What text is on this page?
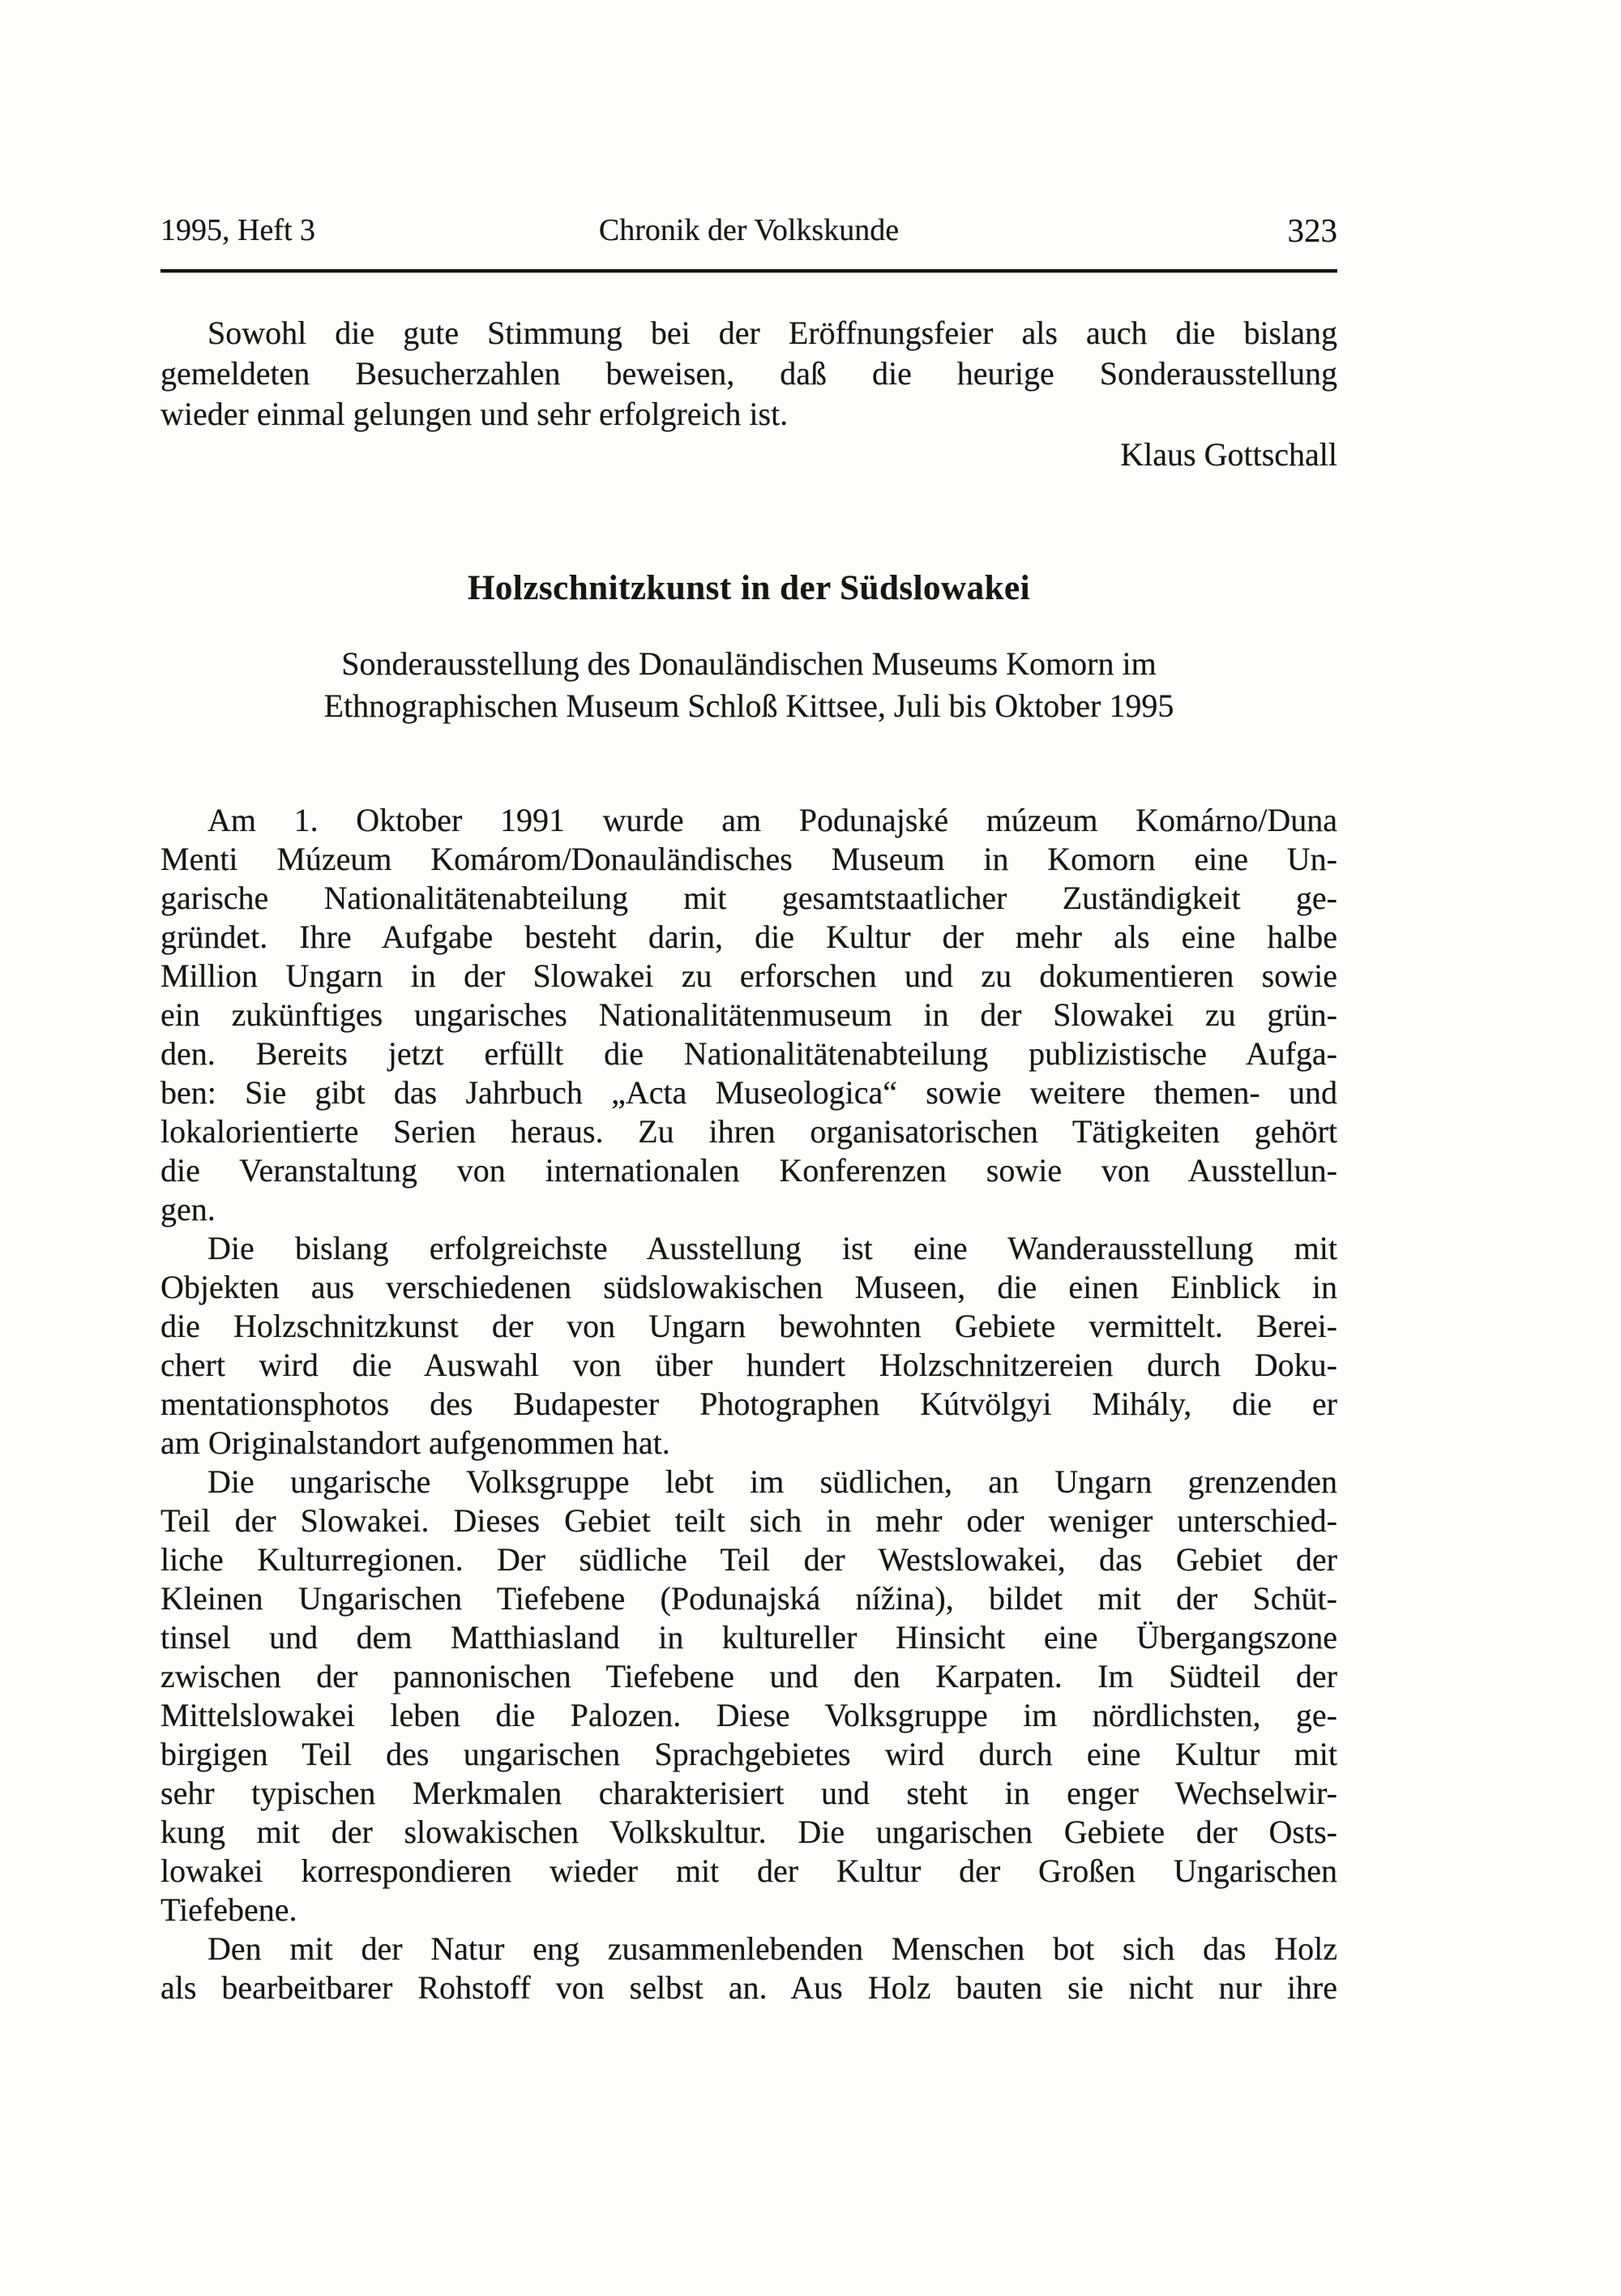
1995, Heft 3	Chronik der Volkskunde	323
Sowohl die gute Stimmung bei der Eröffnungsfeier als auch die bislang
gemeldeten Besucherzahlen beweisen, daß die heurige Sonderausstellung
wieder einmal gelungen und sehr erfolgreich ist.
Klaus Gottschall
Holzschnitzkunst in der Südslowakei
Sonderausstellung des Donauländischen Museums Komorn im
Ethnographischen Museum Schloß Kittsee, Juli bis Oktober 1995
Am 1. Oktober 1991 wurde am Podunajské múzeum Komárno/Duna
Menti Múzeum Komárom/Donauländisches Museum in Komorn eine Un-
garische Nationalitätenabteilung mit gesamtstaatlicher Zuständigkeit ge-
gründet. Ihre Aufgabe besteht darin, die Kultur der mehr als eine halbe
Million Ungarn in der Slowakei zu erforschen und zu dokumentieren sowie
ein zukünftiges ungarisches Nationalitätenmuseum in der Slowakei zu grün-
den. Bereits jetzt erfüllt die Nationalitätenabteilung publizistische Aufga-
ben: Sie gibt das Jahrbuch „Acta Museologica“ sowie weitere themen- und
lokalorientierte Serien heraus. Zu ihren organisatorischen Tätigkeiten gehört
die Veranstaltung von internationalen Konferenzen sowie von Ausstellun-
gen.
Die bislang erfolgreichste Ausstellung ist eine Wanderausstellung mit
Objekten aus verschiedenen südslowakischen Museen, die einen Einblick in
die Holzschnitzkunst der von Ungarn bewohnten Gebiete vermittelt. Berei-
chert wird die Auswahl von über hundert Holzschnitzereien durch Doku-
mentationsphotos des Budapester Photographen Kútvölgyi Mihály, die er
am Originalstandort aufgenommen hat.
Die ungarische Volksgruppe lebt im südlichen, an Ungarn grenzenden
Teil der Slowakei. Dieses Gebiet teilt sich in mehr oder weniger unterschied-
liche Kulturregionen. Der südliche Teil der Westslowakei, das Gebiet der
Kleinen Ungarischen Tiefebene (Podunajská nížina), bildet mit der Schüt-
tinsel und dem Matthiasland in kultureller Hinsicht eine Übergangszone
zwischen der pannonischen Tiefebene und den Karpaten. Im Südteil der
Mittelslowakei leben die Palozen. Diese Volksgruppe im nördlichsten, ge-
birgigen Teil des ungarischen Sprachgebietes wird durch eine Kultur mit
sehr typischen Merkmalen charakterisiert und steht in enger Wechselwir-
kung mit der slowakischen Volkskultur. Die ungarischen Gebiete der Osts-
lowakei korrespondieren wieder mit der Kultur der Großen Ungarischen
Tiefebene.
Den mit der Natur eng zusammenlebenden Menschen bot sich das Holz
als bearbeitbarer Rohstoff von selbst an. Aus Holz bauten sie nicht nur ihre
